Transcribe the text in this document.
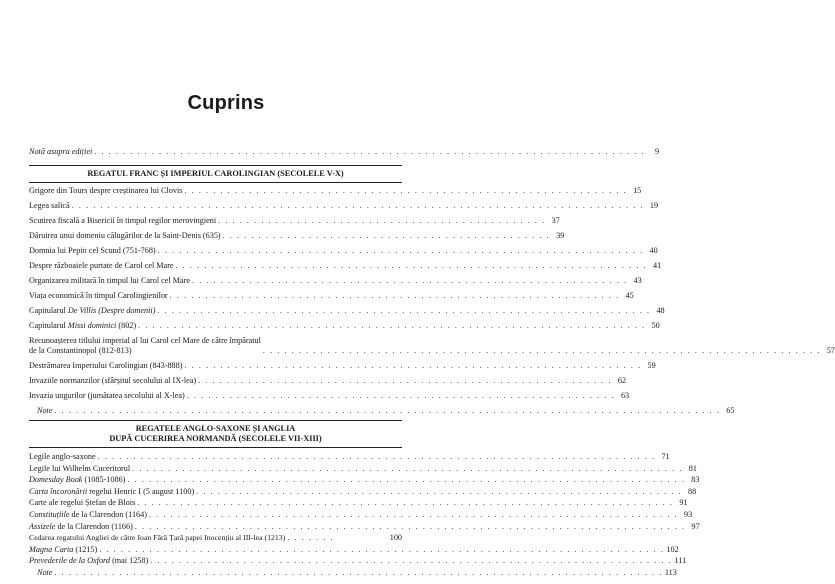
Cuprins
Notă asupra ediției . . . . . . . . . . . . . . . . . . . . . . . . . . . . . . . . . . . . . . . . . . . . . . . . . . . . . . . . . . . . . . . . . . . . . . . . . . . . .	9
REGATUL FRANC ȘI IMPERIUL CAROLINGIAN (SECOLELE V-X)
Grigore din Tours despre creștinarea lui Clovis . . . . . . . . . . . . . . . . . . . . . . . . . . . . . . . . . . . . . . . . . . . . . . . . . . . . . . . . . . . . . . 15
Legea salică . . . . . . . . . . . . . . . . . . . . . . . . . . . . . . . . . . . . . . . . . . . . . . . . . . . . . . . . . . . . . . . . . . . . . . . . . . . . . . . . 19
Scutirea fiscală a Bisericii în timpul regilor merovingieni . . . . . . . . . . . . . . . . . . . . . . . . . . . . . . . . . . . . . . . . . . . . . . 37
Dăruirea unui domeniu călugărilor de la Saint-Denis (635) . . . . . . . . . . . . . . . . . . . . . . . . . . . . . . . . . . . . . . . . . . . . . . 39
Domnia lui Pepin cel Scund (751-768) . . . . . . . . . . . . . . . . . . . . . . . . . . . . . . . . . . . . . . . . . . . . . . . . . . . . . . . . . . . . . . . . . . . . 40
Despre războaiele purtate de Carol cel Mare . . . . . . . . . . . . . . . . . . . . . . . . . . . . . . . . . . . . . . . . . . . . . . . . . . . . . . . . . . . . . . . . . . 41
Organizarea militară în timpul lui Carol cel Mare . . . . . . . . . . . . . . . . . . . . . . . . . . . . . . . . . . . . . . . . . . . . . . . . . . . . . . . . . . . . . 43
Viața economică în timpul Carolingienilor . . . . . . . . . . . . . . . . . . . . . . . . . . . . . . . . . . . . . . . . . . . . . . . . . . . . . . . . . . . . . . . 45
Capitularul De Villis (Despre domenii) . . . . . . . . . . . . . . . . . . . . . . . . . . . . . . . . . . . . . . . . . . . . . . . . . . . . . . . . . . . . . . . . . . . . . 48
Capitularul Missi dominici (802) . . . . . . . . . . . . . . . . . . . . . . . . . . . . . . . . . . . . . . . . . . . . . . . . . . . . . . . . . . . . . . . . . . . . . . . 50
Recunoașterea titlului imperial al lui Carol cel Mare de către împăratul
de la Constantinopol (812-813)	. . . . . . . . . . . . . . . . . . . . . . . . . . . . . . . . . . . . . . . . . . . . . . . . . . . . . . . . . . . . . . . . . . . . . . . . . . . . . . 57
Destrămarea Imperiului Carolingian (843-888) . . . . . . . . . . . . . . . . . . . . . . . . . . . . . . . . . . . . . . . . . . . . . . . . . . . . . . . . . . . . . . . . 59
Invaziile normanzilor (sfârșitul secolului al IX-lea) . . . . . . . . . . . . . . . . . . . . . . . . . . . . . . . . . . . . . . . . . . . . . . . . . . . . . . . . . . 62
Invazia ungurilor (jumătatea secolului al X-lea) . . . . . . . . . . . . . . . . . . . . . . . . . . . . . . . . . . . . . . . . . . . . . . . . . . . . . . . . . . . . 63
Note . . . . . . . . . . . . . . . . . . . . . . . . . . . . . . . . . . . . . . . . . . . . . . . . . . . . . . . . . . . . . . . . . . . . . . . . . . . . . . . . . . . . . . . . . . . . . 65
REGATELE ANGLO-SAXONE ȘI ANGLIA
DUPĂ CUCERIREA NORMANDĂ (SECOLELE VII-XIII)
Legile anglo-saxone . . . . . . . . . . . . . . . . . . . . . . . . . . . . . . . . . . . . . . . . . . . . . . . . . . . . . . . . . . . . . . . . . . . . . . . . . . . . . . 71
Legile lui Wilhelm Cuceritorul . . . . . . . . . . . . . . . . . . . . . . . . . . . . . . . . . . . . . . . . . . . . . . . . . . . . . . . . . . . . . . . . . . . . . . . . . . . . . 81
Domesday Book (1085-1086) . . . . . . . . . . . . . . . . . . . . . . . . . . . . . . . . . . . . . . . . . . . . . . . . . . . . . . . . . . . . . . . . . . . . . . . . . . . . . . 83
Carta încoronării regelui Henric I (5 august 1100) . . . . . . . . . . . . . . . . . . . . . . . . . . . . . . . . . . . . . . . . . . . . . . . . . . . . . . . . . . . . . . . . . . . . 88
Carte ale regelui Ștefan de Blois . . . . . . . . . . . . . . . . . . . . . . . . . . . . . . . . . . . . . . . . . . . . . . . . . . . . . . . . . . . . . . . . . . . . . . . . . . . 91
Constituțiile de la Clarendon (1164) . . . . . . . . . . . . . . . . . . . . . . . . . . . . . . . . . . . . . . . . . . . . . . . . . . . . . . . . . . . . . . . . . . . . . . . . . . 93
Assizele de la Clarendon (1166) . . . . . . . . . . . . . . . . . . . . . . . . . . . . . . . . . . . . . . . . . . . . . . . . . . . . . . . . . . . . . . . . . . . . . . . . . . . . . 97
Cedarea regatului Angliei de către Ioan Fără Țară papei Inocențiu al III-lea (1213) . . . . . . .	100
Magna Carta (1215) . . . . . . . . . . . . . . . . . . . . . . . . . . . . . . . . . . . . . . . . . . . . . . . . . . . . . . . . . . . . . . . . . . . . . . . . . . . . . . . 102
Prevederile de la Oxford (mai 1258) . . . . . . . . . . . . . . . . . . . . . . . . . . . . . . . . . . . . . . . . . . . . . . . . . . . . . . . . . . . . . . . . . . . . . . . . . 111
Note . . . . . . . . . . . . . . . . . . . . . . . . . . . . . . . . . . . . . . . . . . . . . . . . . . . . . . . . . . . . . . . . . . . . . . . . . . . . . . . . . . . . . 113
